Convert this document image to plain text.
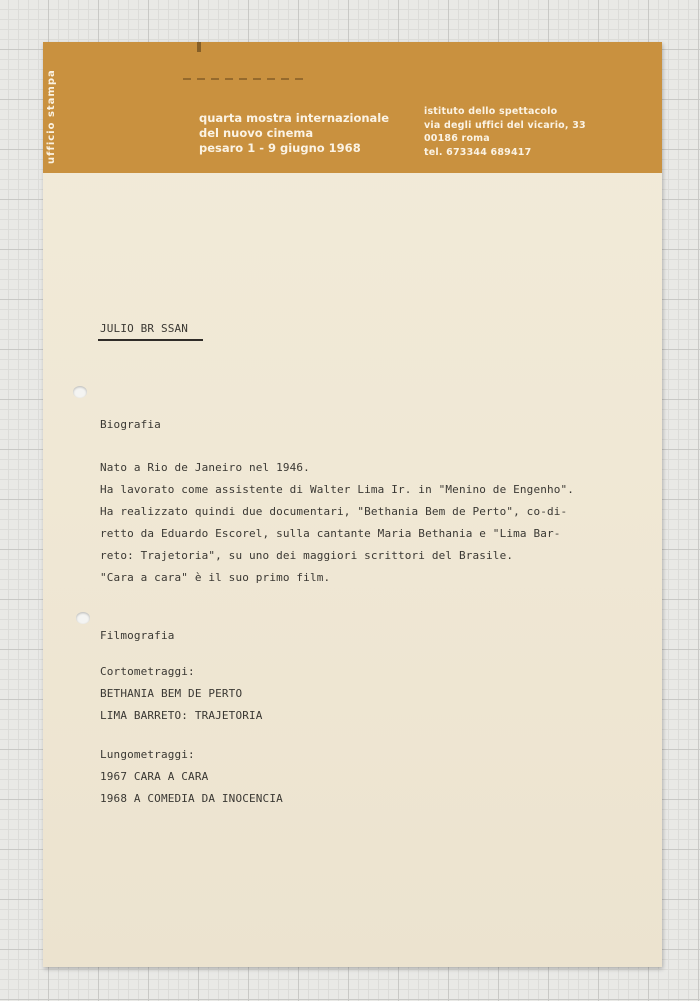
ufficio stampa	quarta mostra internazionale
del nuovo cinema
pesaro 1 - 9 giugno 1968
istituto dello spettacolo
via degli uffici del vicario, 33
00186 roma
tel. 673344 689417
JULIO BR SSAN
Biografia
Nato a Rio de Janeiro nel 1946.
Ha lavorato come assistente di Walter Lima Ir. in "Menino de Engenho".
Ha realizzato quindi due documentari, "Bethania Bem de Perto", co-di-
retto da Eduardo Escorel, sulla cantante Maria Bethania e "Lima Bar-
reto: Trajetoria", su uno dei maggiori scrittori del Brasile.
"Cara a cara" è il suo primo film.
Filmografia
Cortometraggi:
BETHANIA BEM DE PERTO
LIMA BARRETO: TRAJETORIA
Lungometraggi:
1967 CARA A CARA
1968 A COMEDIA DA INOCENCIA
